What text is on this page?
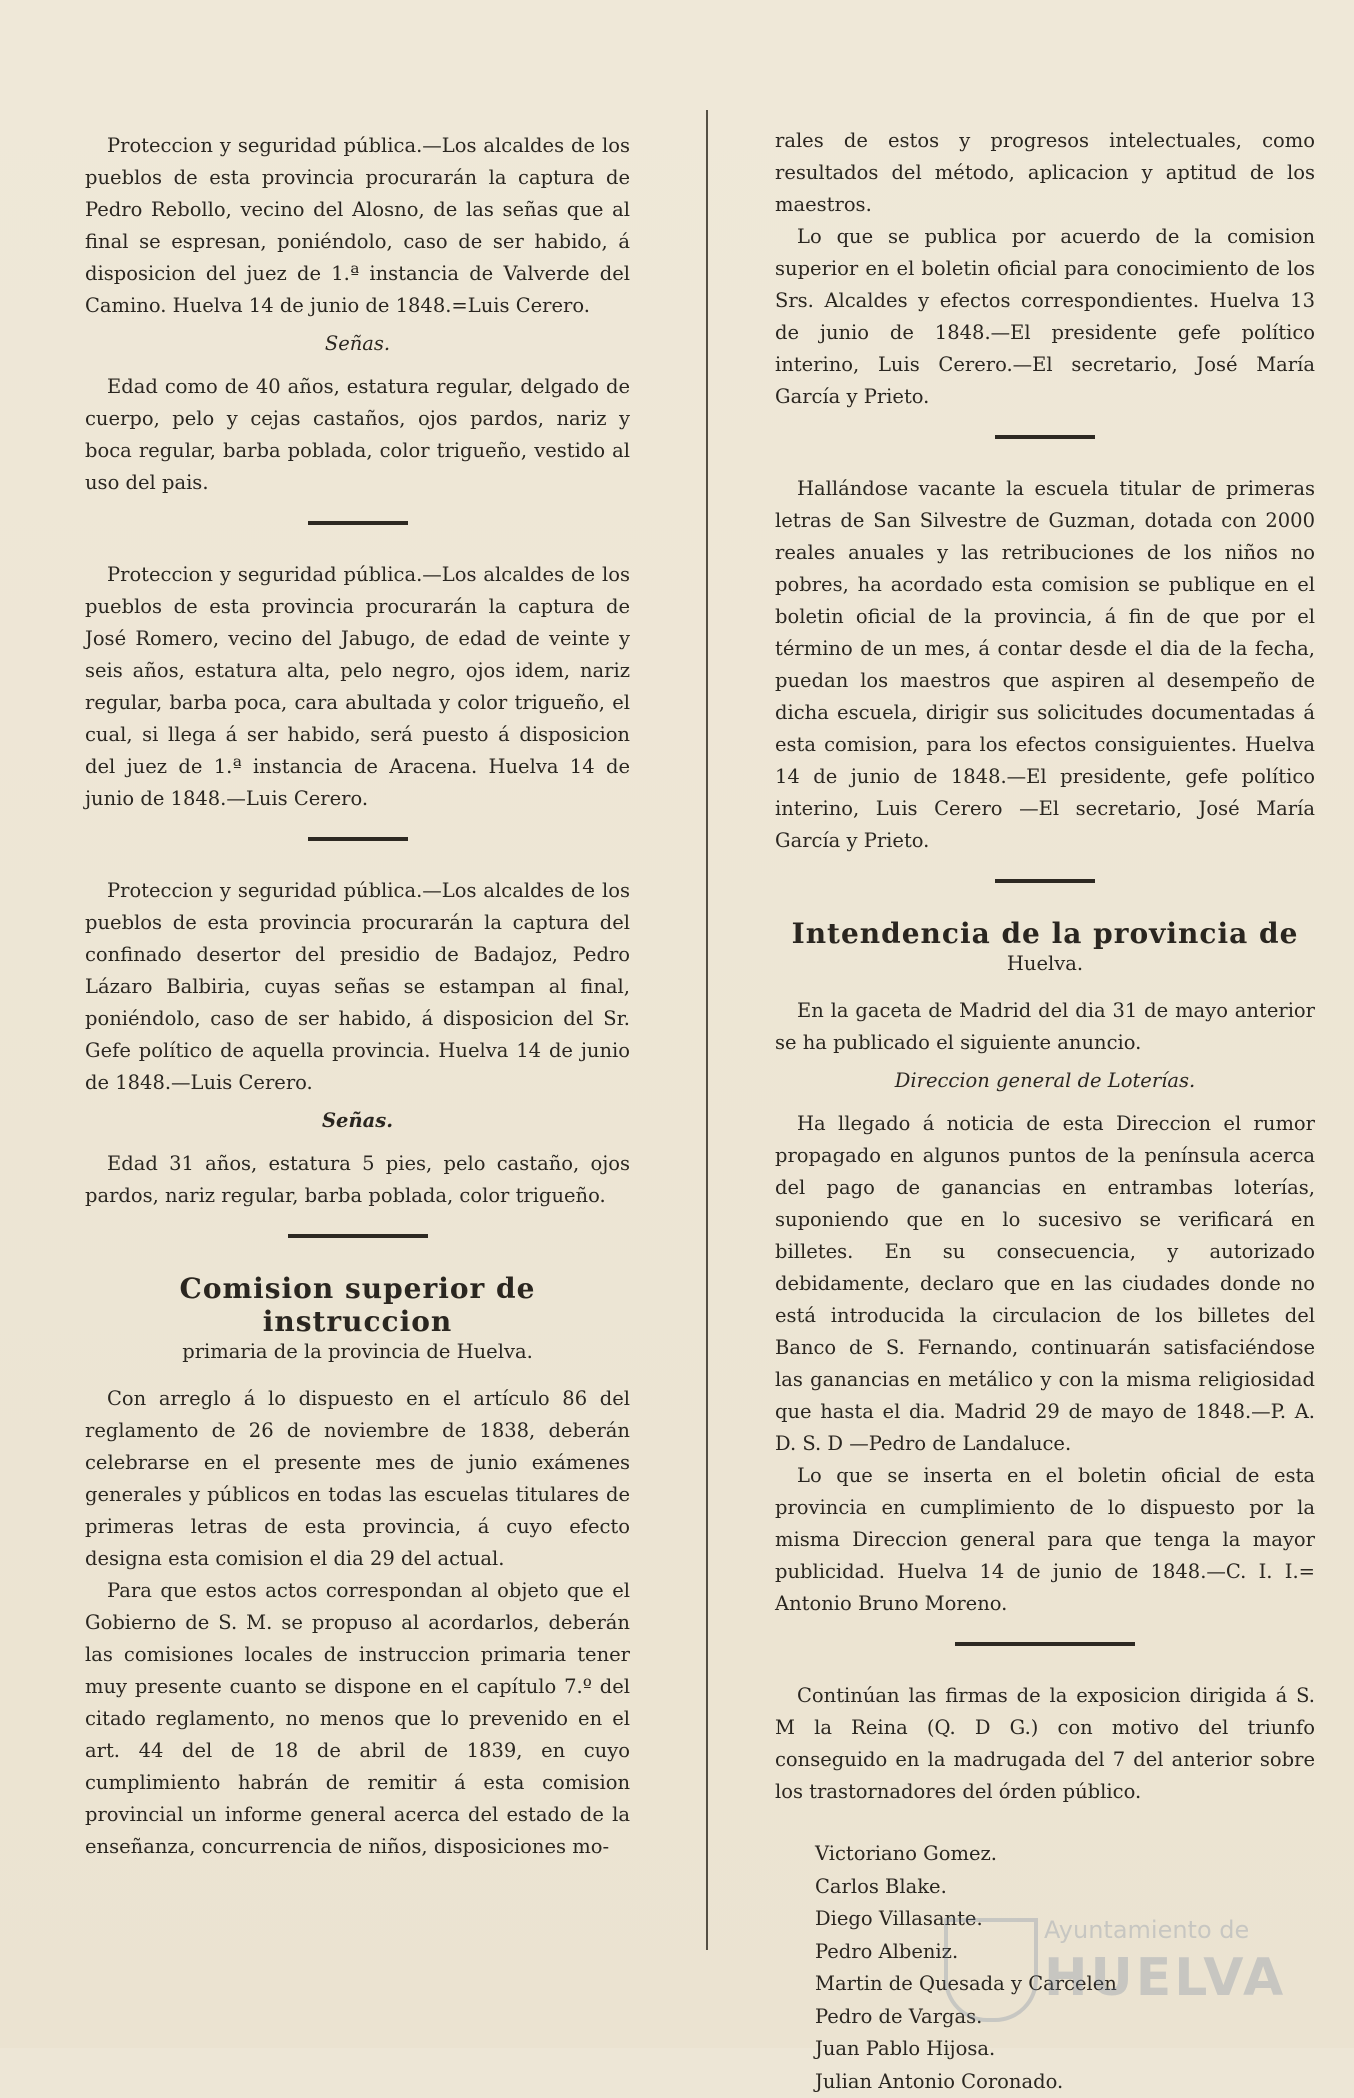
Proteccion y seguridad pública.—Los alcaldes de los pueblos de esta provincia procurarán la captura de Pedro Rebollo, vecino del Alosno, de las señas que al final se espresan, poniéndolo, caso de ser habido, á disposicion del juez de 1.ª instancia de Valverde del Camino. Huelva 14 de junio de 1848.=Luis Cerero.

Señas.

Edad como de 40 años, estatura regular, delgado de cuerpo, pelo y cejas castaños, ojos pardos, nariz y boca regular, barba poblada, color trigueño, vestido al uso del pais.

Proteccion y seguridad pública.—Los alcaldes de los pueblos de esta provincia procurarán la captura de José Romero, vecino del Jabugo, de edad de veinte y seis años, estatura alta, pelo negro, ojos idem, nariz regular, barba poca, cara abultada y color trigueño, el cual, si llega á ser habido, será puesto á disposicion del juez de 1.ª instancia de Aracena. Huelva 14 de junio de 1848.—Luis Cerero.

Proteccion y seguridad pública.—Los alcaldes de los pueblos de esta provincia procurarán la captura del confinado desertor del presidio de Badajoz, Pedro Lázaro Balbiria, cuyas señas se estampan al final, poniéndolo, caso de ser habido, á disposicion del Sr. Gefe político de aquella provincia. Huelva 14 de junio de 1848.—Luis Cerero.

Señas.

Edad 31 años, estatura 5 pies, pelo castaño, ojos pardos, nariz regular, barba poblada, color trigueño.

Comision superior de instruccion
primaria de la provincia de Huelva.

Con arreglo á lo dispuesto en el artículo 86 del reglamento de 26 de noviembre de 1838, deberán celebrarse en el presente mes de junio exámenes generales y públicos en todas las escuelas titulares de primeras letras de esta provincia, á cuyo efecto designa esta comision el dia 29 del actual.

Para que estos actos correspondan al objeto que el Gobierno de S. M. se propuso al acordarlos, deberán las comisiones locales de instruccion primaria tener muy presente cuanto se dispone en el capítulo 7.º del citado reglamento, no menos que lo prevenido en el art. 44 del de 18 de abril de 1839, en cuyo cumplimiento habrán de remitir á esta comision provincial un informe general acerca del estado de la enseñanza, concurrencia de niños, disposiciones mo-

rales de estos y progresos intelectuales, como resultados del método, aplicacion y aptitud de los maestros.

Lo que se publica por acuerdo de la comision superior en el boletin oficial para conocimiento de los Srs. Alcaldes y efectos correspondientes. Huelva 13 de junio de 1848.—El presidente gefe político interino, Luis Cerero.—El secretario, José María García y Prieto.

Hallándose vacante la escuela titular de primeras letras de San Silvestre de Guzman, dotada con 2000 reales anuales y las retribuciones de los niños no pobres, ha acordado esta comision se publique en el boletin oficial de la provincia, á fin de que por el término de un mes, á contar desde el dia de la fecha, puedan los maestros que aspiren al desempeño de dicha escuela, dirigir sus solicitudes documentadas á esta comision, para los efectos consiguientes. Huelva 14 de junio de 1848.—El presidente, gefe político interino, Luis Cerero —El secretario, José María García y Prieto.

Intendencia de la provincia de
Huelva.

En la gaceta de Madrid del dia 31 de mayo anterior se ha publicado el siguiente anuncio.

Direccion general de Loterías.

Ha llegado á noticia de esta Direccion el rumor propagado en algunos puntos de la península acerca del pago de ganancias en entrambas loterías, suponiendo que en lo sucesivo se verificará en billetes. En su consecuencia, y autorizado debidamente, declaro que en las ciudades donde no está introducida la circulacion de los billetes del Banco de S. Fernando, continuarán satisfaciéndose las ganancias en metálico y con la misma religiosidad que hasta el dia. Madrid 29 de mayo de 1848.—P. A. D. S. D —Pedro de Landaluce.

Lo que se inserta en el boletin oficial de esta provincia en cumplimiento de lo dispuesto por la misma Direccion general para que tenga la mayor publicidad. Huelva 14 de junio de 1848.—C. I. I.= Antonio Bruno Moreno.

Continúan las firmas de la exposicion dirigida á S. M la Reina (Q. D G.) con motivo del triunfo conseguido en la madrugada del 7 del anterior sobre los trastornadores del órden público.

Victoriano Gomez.
Carlos Blake.
Diego Villasante.
Pedro Albeniz.
Martin de Quesada y Carcelen
Pedro de Vargas.
Juan Pablo Hijosa.
Julian Antonio Coronado.
Ayuntamiento de
HUELVA
